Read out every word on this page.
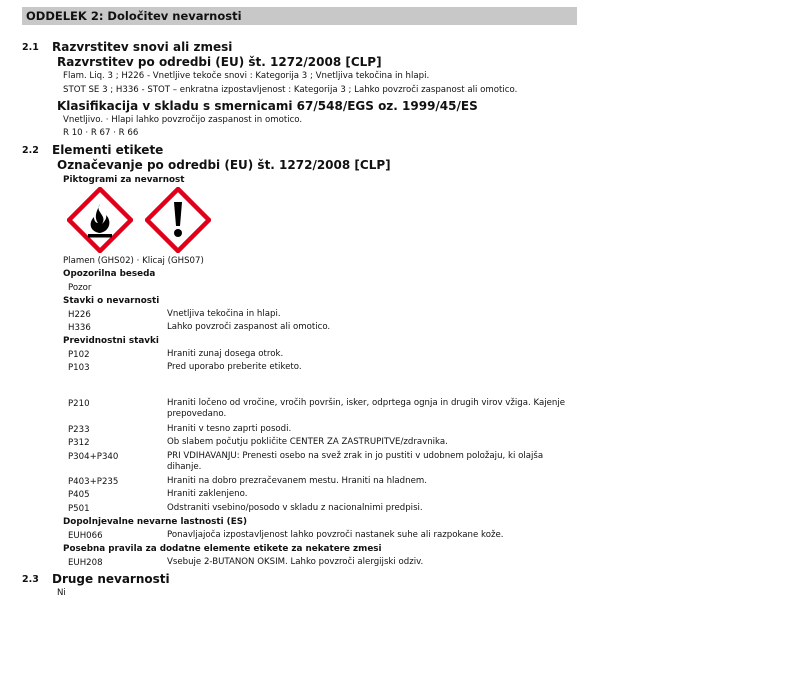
ODDELEK 2: Določitev nevarnosti
2.1 Razvrstitev snovi ali zmesi
Razvrstitev po odredbi (EU) št. 1272/2008 [CLP]
Flam. Liq. 3 ; H226 - Vnetljive tekoče snovi : Kategorija 3 ; Vnetljiva tekočina in hlapi.
STOT SE 3 ; H336 - STOT – enkratna izpostavljenost : Kategorija 3 ; Lahko povzroči zaspanost ali omotico.
Klasifikacija v skladu s smernicami 67/548/EGS oz. 1999/45/ES
Vnetljivo. · Hlapi lahko povzročijo zaspanost in omotico.
R 10 · R 67 · R 66
2.2 Elementi etikete
Označevanje po odredbi (EU) št. 1272/2008 [CLP]
Piktogrami za nevarnost
Plamen (GHS02) · Klicaj (GHS07)
Opozorilna beseda
Pozor
Stavki o nevarnosti
H226	Vnetljiva tekočina in hlapi.
H336	Lahko povzroči zaspanost ali omotico.
Previdnostni stavki
P102	Hraniti zunaj dosega otrok.
P103	Pred uporabo preberite etiketo.
P210	Hraniti ločeno od vročine, vročih površin, isker, odprtega ognja in drugih virov vžiga. Kajenje prepovedano.
P233	Hraniti v tesno zaprti posodi.
P312	Ob slabem počutju pokličite CENTER ZA ZASTRUPITVE/zdravnika.
P304+P340	PRI VDIHAVANJU: Prenesti osebo na svež zrak in jo pustiti v udobnem položaju, ki olajša dihanje.
P403+P235	Hraniti na dobro prezračevanem mestu. Hraniti na hladnem.
P405	Hraniti zaklenjeno.
P501	Odstraniti vsebino/posodo v skladu z nacionalnimi predpisi.
Dopolnjevalne nevarne lastnosti (ES)
EUH066	Ponavljajoča izpostavljenost lahko povzroči nastanek suhe ali razpokane kože.
Posebna pravila za dodatne elemente etikete za nekatere zmesi
EUH208	Vsebuje 2-BUTANON OKSIM. Lahko povzroči alergijski odziv.
2.3 Druge nevarnosti
Ni
